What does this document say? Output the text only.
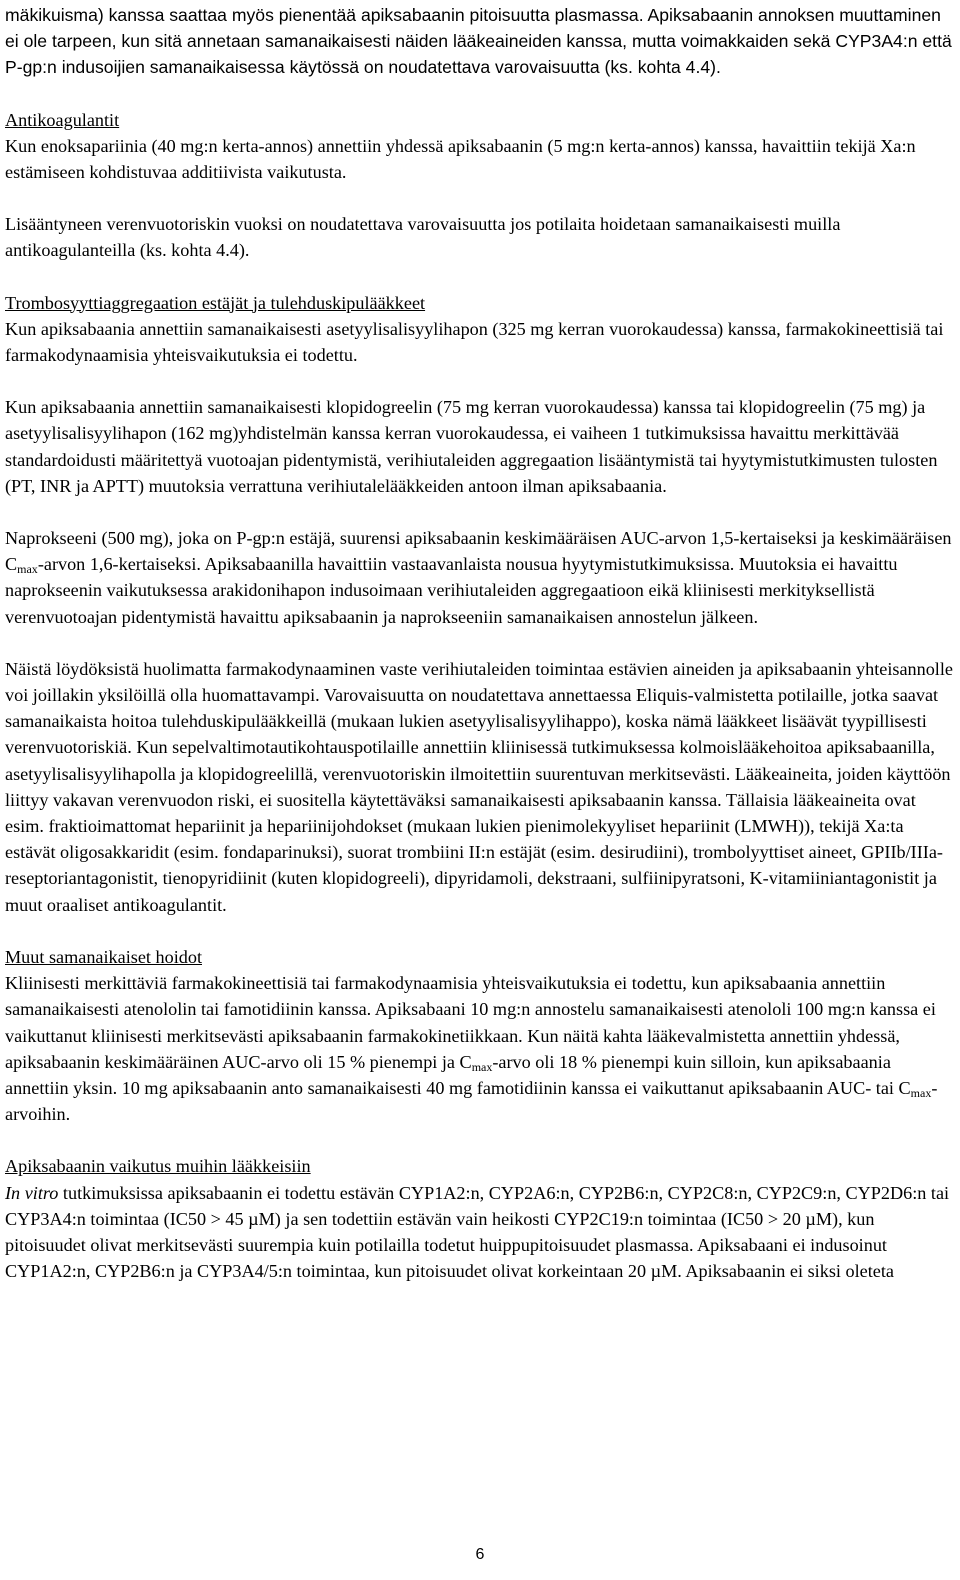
mäkikuisma) kanssa saattaa myös pienentää apiksabaanin pitoisuutta plasmassa. Apiksabaanin annoksen muuttaminen ei ole tarpeen, kun sitä annetaan samanaikaisesti näiden lääkeaineiden kanssa, mutta voimakkaiden sekä CYP3A4:n että P-gp:n indusoijien samanaikaisessa käytössä on noudatettava varovaisuutta (ks. kohta 4.4).

Antikoagulantit

Kun enoksapariinia (40 mg:n kerta-annos) annettiin yhdessä apiksabaanin (5 mg:n kerta-annos) kanssa, havaittiin tekijä Xa:n estämiseen kohdistuvaa additiivista vaikutusta.

Lisääntyneen verenvuotoriskin vuoksi on noudatettava varovaisuutta jos potilaita hoidetaan samanaikaisesti muilla antikoagulanteilla (ks. kohta 4.4).

Trombosyyttiaggregaation estäjät ja tulehduskipulääkkeet

Kun apiksabaania annettiin samanaikaisesti asetyylisalisyylihapon (325 mg kerran vuorokaudessa) kanssa, farmakokineettisiä tai farmakodynaamisia yhteisvaikutuksia ei todettu.

Kun apiksabaania annettiin samanaikaisesti klopidogreelin (75 mg kerran vuorokaudessa) kanssa tai klopidogreelin (75 mg) ja asetyylisalisyylihapon (162 mg)yhdistelmän kanssa kerran vuorokaudessa, ei vaiheen 1 tutkimuksissa havaittu merkittävää standardoidusti määritettyä vuotoajan pidentymistä, verihiutaleiden aggregaation lisääntymistä tai hyytymistutkimusten tulosten (PT, INR ja APTT) muutoksia verrattuna verihiutalelääkkeiden antoon ilman apiksabaania.

Naprokseeni (500 mg), joka on P-gp:n estäjä, suurensi apiksabaanin keskimääräisen AUC-arvon 1,5-kertaiseksi ja keskimääräisen Cmax-arvon 1,6-kertaiseksi. Apiksabaanilla havaittiin vastaavanlaista nousua hyytymistutkimuksissa. Muutoksia ei havaittu naprokseenin vaikutuksessa arakidonihapon indusoimaan verihiutaleiden aggregaatioon eikä kliinisesti merkityksellistä verenvuotoajan pidentymistä havaittu apiksabaanin ja naprokseeniin samanaikaisen annostelun jälkeen.

Näistä löydöksistä huolimatta farmakodynaaminen vaste verihiutaleiden toimintaa estävien aineiden ja apiksabaanin yhteisannolle voi joillakin yksilöillä olla huomattavampi. Varovaisuutta on noudatettava annettaessa Eliquis-valmistetta potilaille, jotka saavat samanaikaista hoitoa tulehduskipulääkkeillä (mukaan lukien asetyylisalisyylihappo), koska nämä lääkkeet lisäävät tyypillisesti verenvuotoriskiä. Kun sepelvaltimotautikohtauspotilaille annettiin kliinisessä tutkimuksessa kolmoislääkehoitoa apiksabaanilla, asetyylisalisyylihapolla ja klopidogreelillä, verenvuotoriskin ilmoitettiin suurentuvan merkitsevästi. Lääkeaineita, joiden käyttöön liittyy vakavan verenvuodon riski, ei suositella käytettäväksi samanaikaisesti apiksabaanin kanssa. Tällaisia lääkeaineita ovat esim. fraktioimattomat hepariinit ja hepariinijohdokset (mukaan lukien pienimolekyyliset hepariinit (LMWH)), tekijä Xa:ta estävät oligosakkaridit (esim. fondaparinuksi), suorat trombiini II:n estäjät (esim. desirudiini), trombolyyttiset aineet, GPIIb/IIIa-reseptoriantagonistit, tienopyridiinit (kuten klopidogreeli), dipyridamoli, dekstraani, sulfiinipyratsoni, K-vitamiiniantagonistit ja muut oraaliset antikoagulantit.

Muut samanaikaiset hoidot

Kliinisesti merkittäviä farmakokineettisiä tai farmakodynaamisia yhteisvaikutuksia ei todettu, kun apiksabaania annettiin samanaikaisesti atenololin tai famotidiinin kanssa. Apiksabaani 10 mg:n annostelu samanaikaisesti atenololi 100 mg:n kanssa ei vaikuttanut kliinisesti merkitsevästi apiksabaanin farmakokinetiikkaan. Kun näitä kahta lääkevalmistetta annettiin yhdessä, apiksabaanin keskimääräinen AUC-arvo oli 15 % pienempi ja Cmax-arvo oli 18 % pienempi kuin silloin, kun apiksabaania annettiin yksin. 10 mg apiksabaanin anto samanaikaisesti 40 mg famotidiinin kanssa ei vaikuttanut apiksabaanin AUC- tai Cmax-arvoihin.

Apiksabaanin vaikutus muihin lääkkeisiin

In vitro tutkimuksissa apiksabaanin ei todettu estävän CYP1A2:n, CYP2A6:n, CYP2B6:n, CYP2C8:n, CYP2C9:n, CYP2D6:n tai CYP3A4:n toimintaa (IC50 > 45 µM) ja sen todettiin estävän vain heikosti CYP2C19:n toimintaa (IC50 > 20 µM), kun pitoisuudet olivat merkitsevästi suurempia kuin potilailla todetut huippupitoisuudet plasmassa. Apiksabaani ei indusoinut CYP1A2:n, CYP2B6:n ja CYP3A4/5:n toimintaa, kun pitoisuudet olivat korkeintaan 20 µM. Apiksabaanin ei siksi oleteta

6
